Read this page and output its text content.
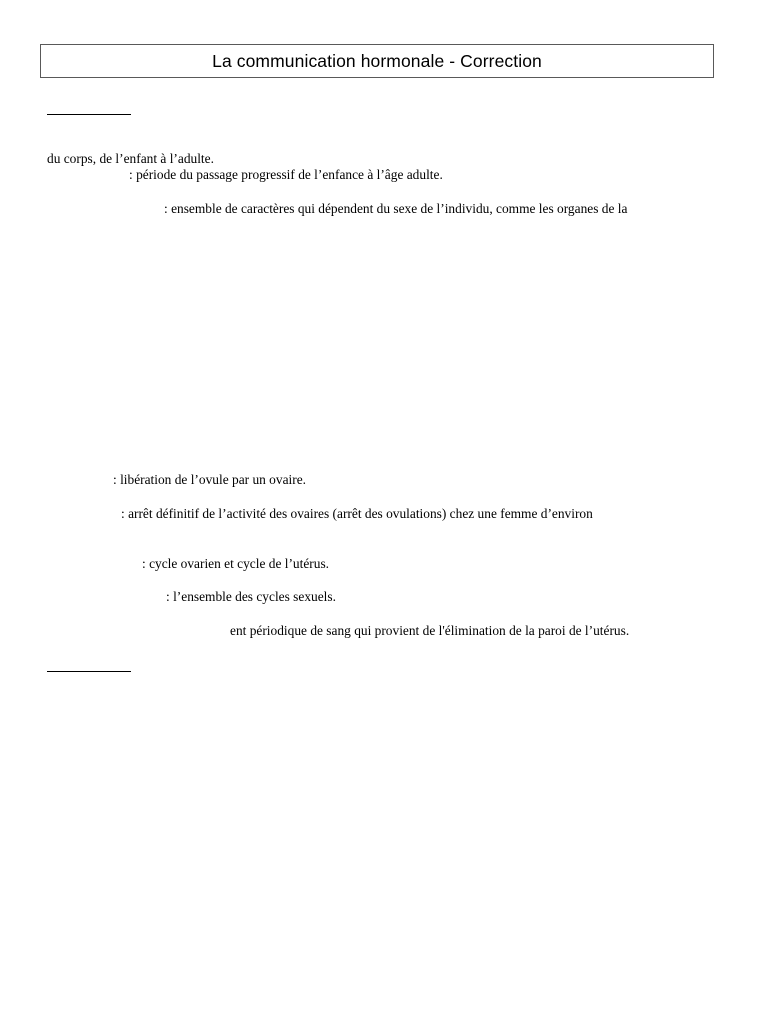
La communication hormonale - Correction
du corps, de l’enfant à l’adulte.
: période du passage progressif de l’enfance à l’âge adulte.
: ensemble de caractères qui dépendent du sexe de l’individu, comme les organes de la
: libération de l’ovule par un ovaire.
: arrêt définitif de l’activité des ovaires (arrêt des ovulations) chez une femme d’environ
: cycle ovarien et cycle de l’utérus.
: l’ensemble des cycles sexuels.
ent périodique de sang qui provient de l'élimination de la paroi de l’utérus.
